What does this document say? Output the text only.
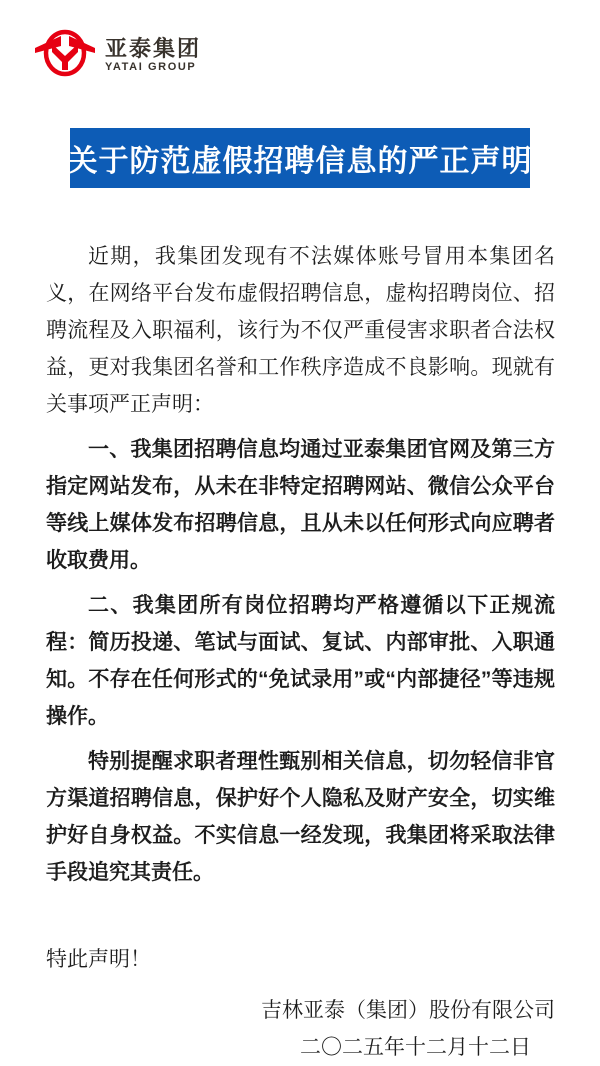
亚泰集团
YATAI GROUP
关于防范虚假招聘信息的严正声明

近期，我集团发现有不法媒体账号冒用本集团名义，在网络平台发布虚假招聘信息，虚构招聘岗位、招聘流程及入职福利，该行为不仅严重侵害求职者合法权益，更对我集团名誉和工作秩序造成不良影响。现就有关事项严正声明：

一、我集团招聘信息均通过亚泰集团官网及第三方指定网站发布，从未在非特定招聘网站、微信公众平台等线上媒体发布招聘信息，且从未以任何形式向应聘者收取费用。

二、我集团所有岗位招聘均严格遵循以下正规流程：简历投递、笔试与面试、复试、内部审批、入职通知。不存在任何形式的“免试录用”或“内部捷径”等违规操作。

特别提醒求职者理性甄别相关信息，切勿轻信非官方渠道招聘信息，保护好个人隐私及财产安全，切实维护好自身权益。不实信息一经发现，我集团将采取法律手段追究其责任。

特此声明！
吉林亚泰（集团）股份有限公司
二〇二五年十二月十二日
